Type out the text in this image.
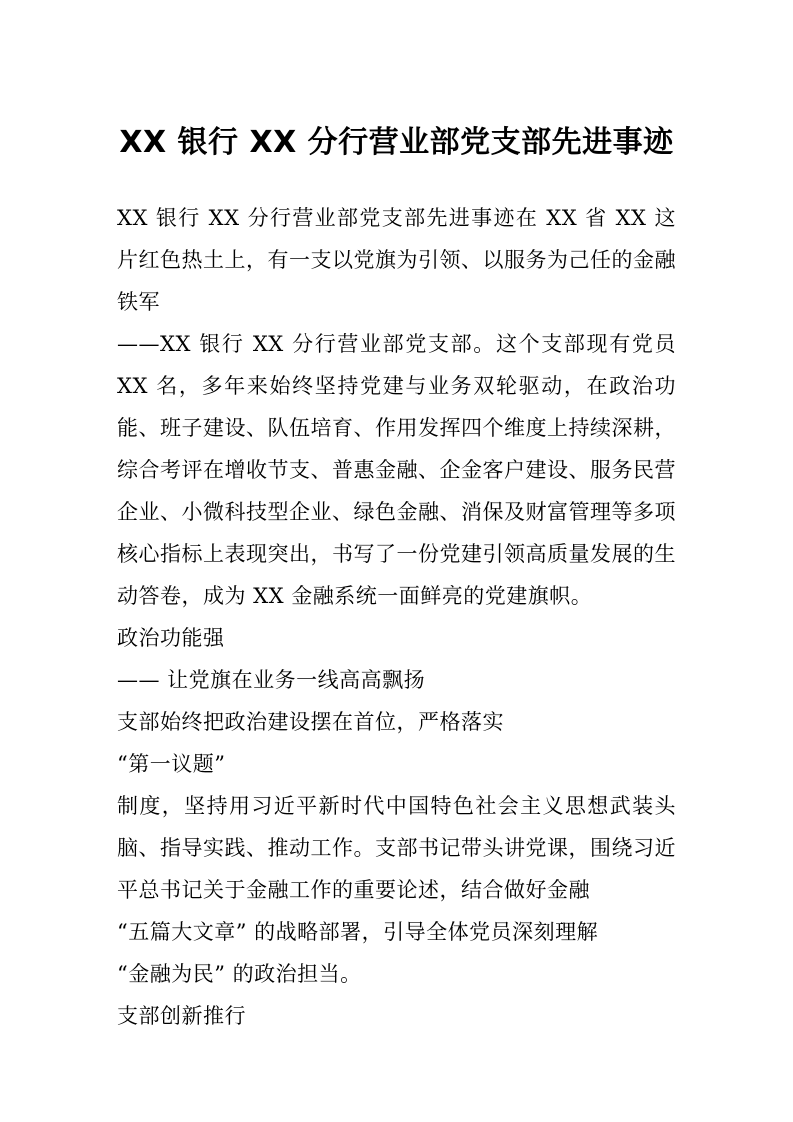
XX 银行 XX 分行营业部党支部先进事迹

XX 银行 XX 分行营业部党支部先进事迹在 XX 省 XX 这片红色热土上，有一支以党旗为引领、以服务为己任的金融铁军

——XX 银行 XX 分行营业部党支部。这个支部现有党员 XX 名，多年来始终坚持党建与业务双轮驱动，在政治功能、班子建设、队伍培育、作用发挥四个维度上持续深耕，综合考评在增收节支、普惠金融、企金客户建设、服务民营企业、小微科技型企业、绿色金融、消保及财富管理等多项核心指标上表现突出，书写了一份党建引领高质量发展的生动答卷，成为 XX 金融系统一面鲜亮的党建旗帜。

政治功能强

—— 让党旗在业务一线高高飘扬

支部始终把政治建设摆在首位，严格落实

“第一议题”

制度，坚持用习近平新时代中国特色社会主义思想武装头脑、指导实践、推动工作。支部书记带头讲党课，围绕习近平总书记关于金融工作的重要论述，结合做好金融

“五篇大文章” 的战略部署，引导全体党员深刻理解

“金融为民” 的政治担当。

支部创新推行
